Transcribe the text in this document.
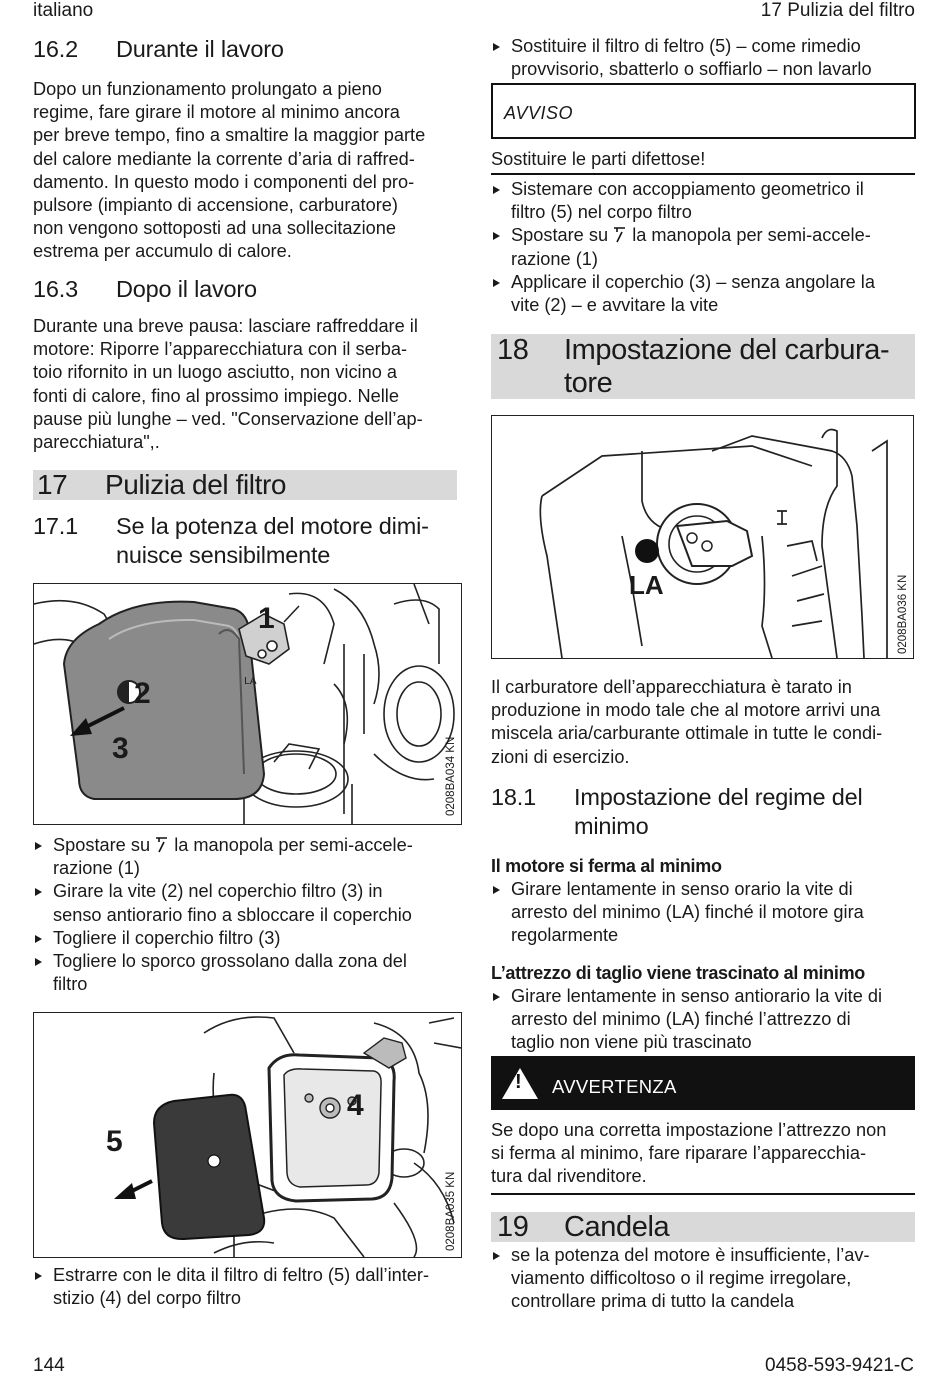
italiano	17 Pulizia del filtro
16.2	Durante il lavoro

Dopo un funzionamento prolungato a pieno

regime, fare girare il motore al minimo ancora

per breve tempo, fino a smaltire la maggior parte

del calore mediante la corrente d’aria di raffred-

damento. In questo modo i componenti del pro-

pulsore (impianto di accensione, carburatore)

non vengono sottoposti ad una sollecitazione

estrema per accumulo di calore.

16.3	Dopo il lavoro

Durante una breve pausa: lasciare raffreddare il

motore: Riporre l’apparecchiatura con il serba-

toio rifornito in un luogo asciutto, non vicino a

fonti di calore, fino al prossimo impiego. Nelle

pause più lunghe – ved. "Conservazione dell’ap-

parecchiatura",.

17	Pulizia del filtro
17.1	Se la potenza del motore dimi-
nuisce sensibilmente
LA
1
2
3	0208BA034 KN
Spostare su la manopola per semi-accele-
razione (1)
Girare la vite (2) nel coperchio filtro (3) in
senso antiorario fino a sbloccare il coperchio
Togliere il coperchio filtro (3)
Togliere lo sporco grossolano dalla zona del
filtro
4
5
0208BA035 KN
Estrarre con le dita il filtro di feltro (5) dall’inter-
stizio (4) del corpo filtro
Sostituire il filtro di feltro (5) – come rimedio
provvisorio, sbatterlo o soffiarlo – non lavarlo
AVVISO
Sostituire le parti difettose!
Sistemare con accoppiamento geometrico il
filtro (5) nel corpo filtro
Spostare su la manopola per semi-accele-
razione (1)
Applicare il coperchio (3) – senza angolare la
vite (2) – e avvitare la vite
18	Impostazione del carbura-
tore
LA	0208BA036 KN

Il carburatore dell’apparecchiatura è tarato in

produzione in modo tale che al motore arrivi una

miscela aria/carburante ottimale in tutte le condi-

zioni di esercizio.

18.1	Impostazione del regime del
minimo
Il motore si ferma al minimo
Girare lentamente in senso orario la vite di
arresto del minimo (LA) finché il motore gira
regolarmente
L’attrezzo di taglio viene trascinato al minimo
Girare lentamente in senso antiorario la vite di
arresto del minimo (LA) finché l’attrezzo di
taglio non viene più trascinato
! AVVERTENZA

Se dopo una corretta impostazione l’attrezzo non

si ferma al minimo, fare riparare l’apparecchia-

tura dal rivenditore.

19	Candela
se la potenza del motore è insufficiente, l’av-
viamento difficoltoso o il regime irregolare,
controllare prima di tutto la candela
144	0458-593-9421-C
